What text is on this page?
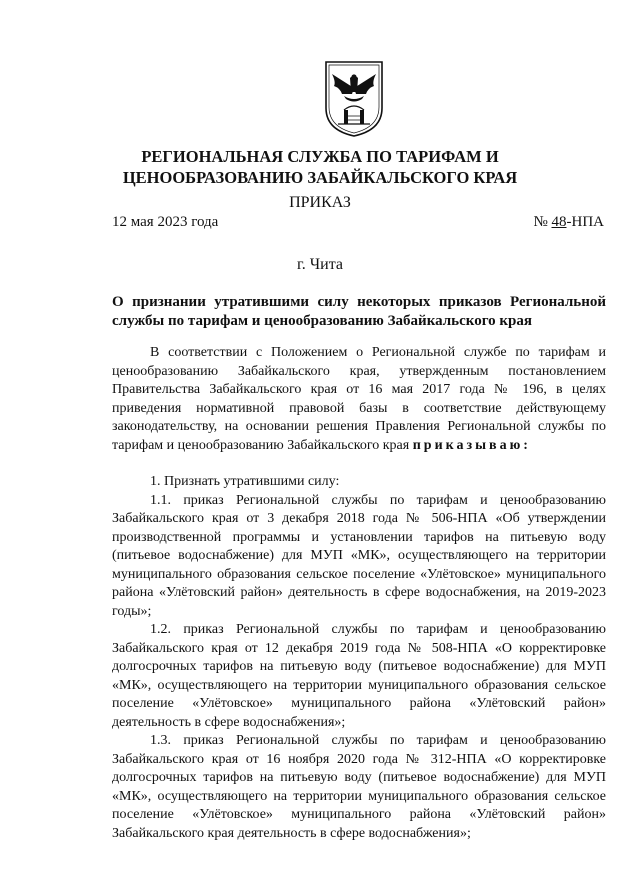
РЕГИОНАЛЬНАЯ СЛУЖБА ПО ТАРИФАМ И
ЦЕНООБРАЗОВАНИЮ ЗАБАЙКАЛЬСКОГО КРАЯ
ПРИКАЗ
12 мая 2023 года	№ 48-НПА
г. Чита
О признании утратившими силу некоторых приказов Региональной службы по тарифам и ценообразованию Забайкальского края

В соответствии с Положением о Региональной службе по тарифам и ценообразованию Забайкальского края, утвержденным постановлением Правительства Забайкальского края от 16 мая 2017 года № 196, в целях приведения нормативной правовой базы в соответствие действующему законодательству, на основании решения Правления Региональной службы по тарифам и ценообразованию Забайкальского края приказываю:

1. Признать утратившими силу:

1.1. приказ Региональной службы по тарифам и ценообразованию Забайкальского края от 3 декабря 2018 года № 506-НПА «Об утверждении производственной программы и установлении тарифов на питьевую воду (питьевое водоснабжение) для МУП «МК», осуществляющего на территории муниципального образования сельское поселение «Улётовское» муниципального района «Улётовский район» деятельность в сфере водоснабжения, на 2019-2023 годы»;

1.2. приказ Региональной службы по тарифам и ценообразованию Забайкальского края от 12 декабря 2019 года № 508-НПА «О корректировке долгосрочных тарифов на питьевую воду (питьевое водоснабжение) для МУП «МК», осуществляющего на территории муниципального образования сельское поселение «Улётовское» муниципального района «Улётовский район» деятельность в сфере водоснабжения»;

1.3. приказ Региональной службы по тарифам и ценообразованию Забайкальского края от 16 ноября 2020 года № 312-НПА «О корректировке долгосрочных тарифов на питьевую воду (питьевое водоснабжение) для МУП «МК», осуществляющего на территории муниципального образования сельское поселение «Улётовское» муниципального района «Улётовский район» Забайкальского края деятельность в сфере водоснабжения»;
